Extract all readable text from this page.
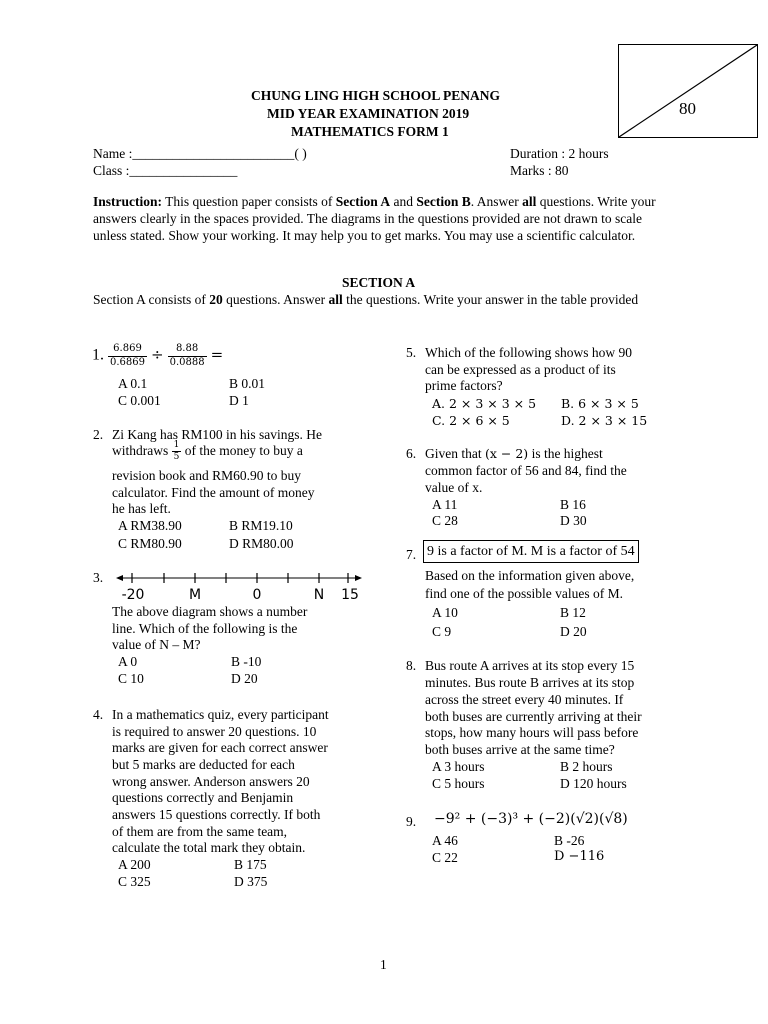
80
CHUNG LING HIGH SCHOOL PENANG
MID YEAR EXAMINATION 2019
MATHEMATICS FORM 1
Name :________________________( )
Class :________________
Duration : 2 hours
Marks : 80
Instruction: This question paper consists of Section A and Section B. Answer all questions. Write your answers clearly in the spaces provided. The diagrams in the questions provided are not drawn to scale unless stated. Show your working. It may help you to get marks. You may use a scientific calculator.
SECTION A
Section A consists of 20 questions. Answer all the questions. Write your answer in the table provided
1. $\frac{6.869}{0.6869} \div \frac{8.88}{0.0888}$ =
A 0.1	B 0.01
C 0.001	D 1
2. Zi Kang has RM100 in his savings. He
withdraws $\frac{1}{5}$ of the money to buy a
revision book and RM60.90 to buy
calculator. Find the amount of money
he has left.
A RM38.90	B RM19.10
C RM80.90	D RM80.00
3.
-20	M	0	N 15
The above diagram shows a number
line. Which of the following is the
value of N – M?
A 0	B -10
C 10	D 20
4. In a mathematics quiz, every participant
is required to answer 20 questions. 10
marks are given for each correct answer
but 5 marks are deducted for each
wrong answer. Anderson answers 20
questions correctly and Benjamin
answers 15 questions correctly. If both
of them are from the same team,
calculate the total mark they obtain.
A 200	B 175
C 325	D 375
5. Which of the following shows how 90
can be expressed as a product of its
prime factors?
A. 2 × 3 × 3 × 5 B. 6 × 3 × 5
C. 2 × 6 × 5	D. 2 × 3 × 15
6. Given that (x − 2) is the highest
common factor of 56 and 84, find the
value of x.
A 11	B 16
C 28	D 30
7. 9 is a factor of M. M is a factor of 54
Based on the information given above,
find one of the possible values of M.
A 10	B 12
C 9	D 20
8. Bus route A arrives at its stop every 15
minutes. Bus route B arrives at its stop
across the street every 40 minutes. If
both buses are currently arriving at their
stops, how many hours will pass before
both buses arrive at the same time?
A 3 hours	B 2 hours
C 5 hours	D 120 hours
9. −9² + (−3)³ + (−2)(√2)(√8)
A 46	B -26
C 22	D −116
1
